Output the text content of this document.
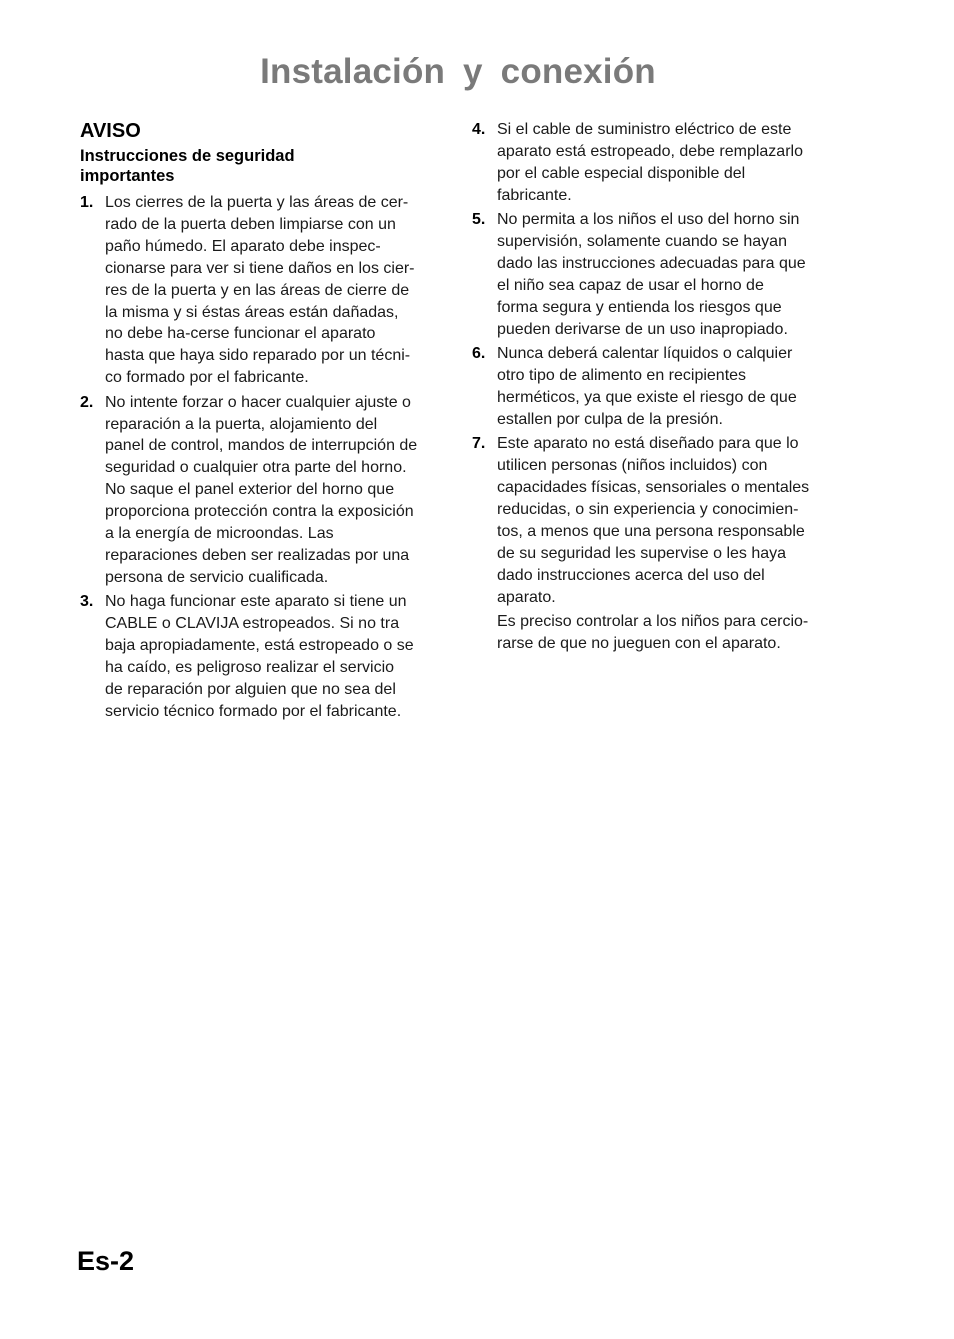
Instalación y conexión
AVISO
Instrucciones de seguridad
importantes
1. Los cierres de la puerta y las áreas de cer-
rado de la puerta deben limpiarse con un
paño húmedo. El aparato debe inspec-
cionarse para ver si tiene daños en los cier-
res de la puerta y en las áreas de cierre de
la misma y si éstas áreas están dañadas,
no debe ha-cerse funcionar el aparato
hasta que haya sido reparado por un técni-
co formado por el fabricante.
2. No intente forzar o hacer cualquier ajuste o
reparación a la puerta, alojamiento del
panel de control, mandos de interrupción de
seguridad o cualquier otra parte del horno.
No saque el panel exterior del horno que
proporciona protección contra la exposición
a la energía de microondas. Las
reparaciones deben ser realizadas por una
persona de servicio cualificada.
3. No haga funcionar este aparato si tiene un
CABLE o CLAVIJA estropeados. Si no tra
baja apropiadamente, está estropeado o se
ha caído, es peligroso realizar el servicio
de reparación por alguien que no sea del
servicio técnico formado por el fabricante.
4. Si el cable de suministro eléctrico de este
aparato está estropeado, debe remplazarlo
por el cable especial disponible del
fabricante.
5. No permita a los niños el uso del horno sin
supervisión, solamente cuando se hayan
dado las instrucciones adecuadas para que
el niño sea capaz de usar el horno de
forma segura y entienda los riesgos que
pueden derivarse de un uso inapropiado.
6. Nunca deberá calentar líquidos o calquier
otro tipo de alimento en recipientes
herméticos, ya que existe el riesgo de que
estallen por culpa de la presión.
7. Este aparato no está diseñado para que lo
utilicen personas (niños incluidos) con
capacidades físicas, sensoriales o mentales
reducidas, o sin experiencia y conocimien-
tos, a menos que una persona responsable
de su seguridad les supervise o les haya
dado instrucciones acerca del uso del
aparato.

Es preciso controlar a los niños para cercio-
rarse de que no jueguen con el aparato.

Es-2
